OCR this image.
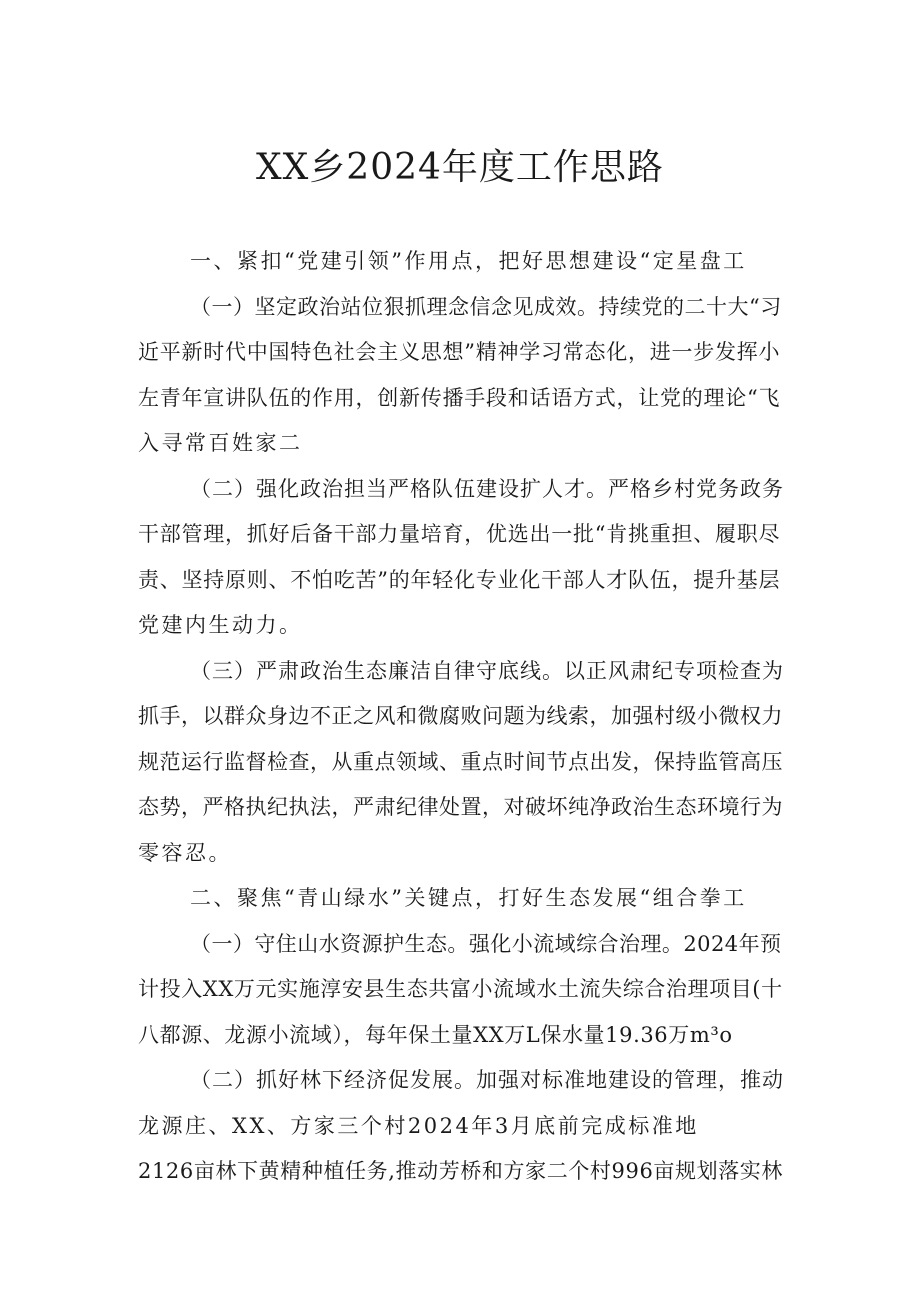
XX乡2024年度工作思路
一、紧扣“党建引领”作用点，把好思想建设“定星盘工
（一）坚定政治站位狠抓理念信念见成效。持续党的二十大“习
近平新时代中国特色社会主义思想”精神学习常态化，进一步发挥小
左青年宣讲队伍的作用，创新传播手段和话语方式，让党的理论“飞
入寻常百姓家二
（二）强化政治担当严格队伍建设扩人才。严格乡村党务政务
干部管理，抓好后备干部力量培育，优选出一批“肯挑重担、履职尽
责、坚持原则、不怕吃苦”的年轻化专业化干部人才队伍，提升基层
党建内生动力。
（三）严肃政治生态廉洁自律守底线。以正风肃纪专项检查为
抓手，以群众身边不正之风和微腐败问题为线索，加强村级小微权力
规范运行监督检查，从重点领域、重点时间节点出发，保持监管高压
态势，严格执纪执法，严肃纪律处置，对破坏纯净政治生态环境行为
零容忍。
二、聚焦“青山绿水”关键点，打好生态发展“组合拳工
（一）守住山水资源护生态。强化小流域综合治理。2024年预
计投入XX万元实施淳安县生态共富小流域水土流失综合治理项目(十
八都源、龙源小流域），每年保土量XX万L保水量19.36万m³o
（二）抓好林下经济促发展。加强对标准地建设的管理，推动
龙源庄、XX、方家三个村2024年3月底前完成标准地
2126亩林下黄精种植任务,推动芳桥和方家二个村996亩规划落实林
